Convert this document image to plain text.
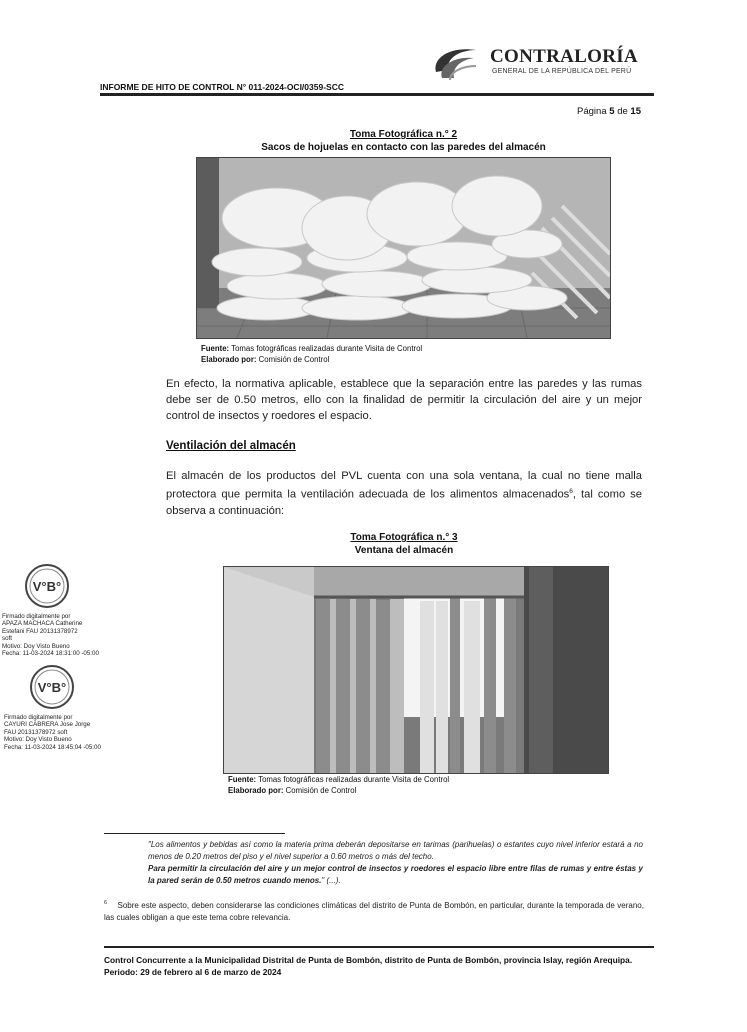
CONTRALORÍA
GENERAL DE LA REPÚBLICA DEL PERÚ
INFORME DE HITO DE CONTROL N° 011-2024-OCI/0359-SCC
Página 5 de 15
Toma Fotográfica n.° 2
Sacos de hojuelas en contacto con las paredes del almacén
Fuente: Tomas fotográficas realizadas durante Visita de Control
Elaborado por: Comisión de Control
En efecto, la normativa aplicable, establece que la separación entre las paredes y las rumas debe ser de 0.50 metros, ello con la finalidad de permitir la circulación del aire y un mejor control de insectos y roedores el espacio.
Ventilación del almacén
El almacén de los productos del PVL cuenta con una sola ventana, la cual no tiene malla protectora que permita la ventilación adecuada de los alimentos almacenados$^6$, tal como se observa a continuación:
Toma Fotográfica n.° 3
Ventana del almacén
Fuente: Tomas fotográficas realizadas durante Visita de Control
Elaborado por: Comisión de Control
V°B°
Firmado digitalmente por
APAZA MACHACA Catherine
Estefani FAU 20131378972
soft
Motivo: Doy Visto Bueno
Fecha: 11-03-2024 18:31:00 -05:00
V°B°
Firmado digitalmente por
CAYURI CABRERA Jose Jorge
FAU 20131378972 soft
Motivo: Doy Visto Bueno
Fecha: 11-03-2024 18:45:04 -05:00
"Los alimentos y bebidas así como la materia prima deberán depositarse en tarimas (parihuelas) o estantes cuyo nivel inferior estará a no menos de 0.20 metros del piso y el nivel superior a 0.60 metros o más del techo.
Para permitir la circulación del aire y un mejor control de insectos y roedores el espacio libre entre filas de rumas y entre éstas y la pared serán de 0.50 metros cuando menos." (...).
$^6$ Sobre este aspecto, deben considerarse las condiciones climáticas del distrito de Punta de Bombón, en particular, durante la temporada de verano, las cuales obligan a que este tema cobre relevancia.
Control Concurrente a la Municipalidad Distrital de Punta de Bombón, distrito de Punta de Bombón, provincia Islay, región Arequipa.
Periodo: 29 de febrero al 6 de marzo de 2024
